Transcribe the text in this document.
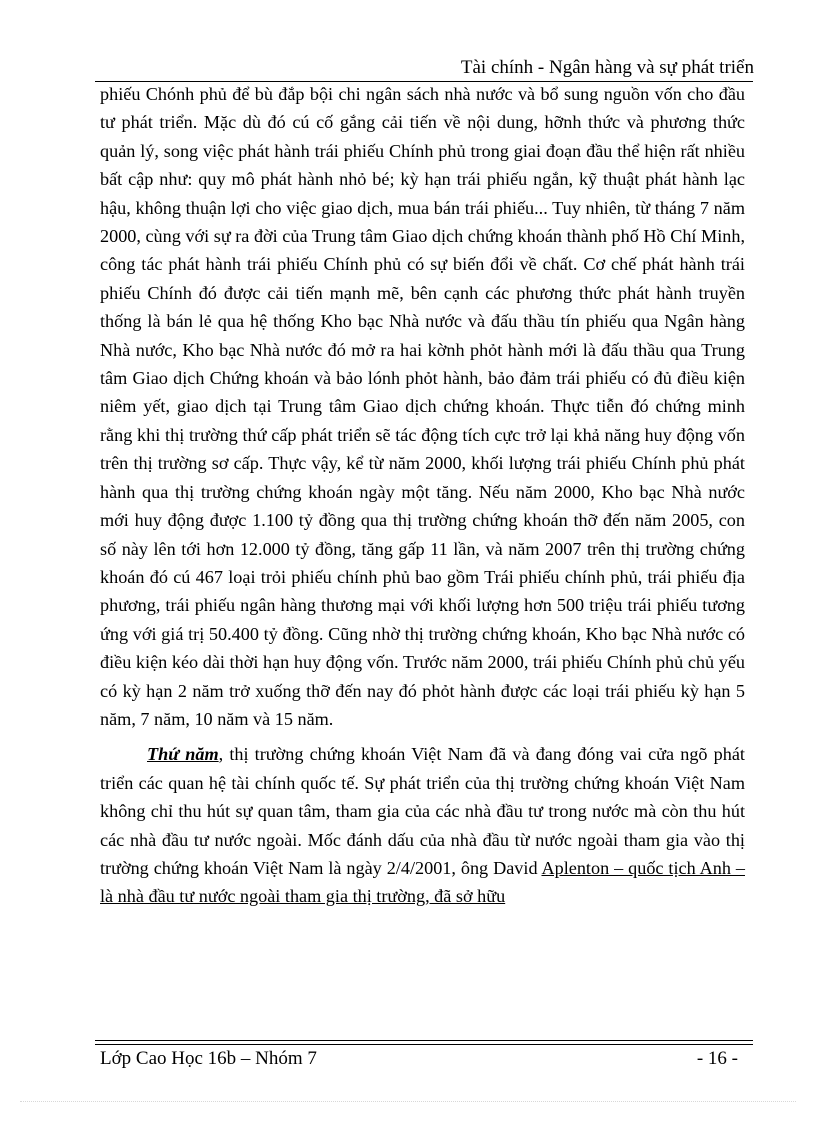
Tài chính - Ngân hàng và sự phát triển

phiếu Chónh phủ để bù đắp bội chi ngân sách nhà nước và bổ sung nguồn vốn cho đầu tư phát triển. Mặc dù đó cú cố gắng cải tiến về nội dung, hỡnh thức và phương thức quản lý, song việc phát hành trái phiếu Chính phủ trong giai đoạn đầu thể hiện rất nhiều bất cập như: quy mô phát hành nhỏ bé; kỳ hạn trái phiếu ngắn, kỹ thuật phát hành lạc hậu, không thuận lợi cho việc giao dịch, mua bán trái phiếu... Tuy nhiên, từ tháng 7 năm 2000, cùng với sự ra đời của Trung tâm Giao dịch chứng khoán thành phố Hồ Chí Minh, công tác phát hành trái phiếu Chính phủ có sự biến đổi về chất. Cơ chế phát hành trái phiếu Chính đó được cải tiến mạnh mẽ, bên cạnh các phương thức phát hành truyền thống là bán lẻ qua hệ thống Kho bạc Nhà nước và đấu thầu tín phiếu qua Ngân hàng Nhà nước, Kho bạc Nhà nước đó mở ra hai kờnh phỏt hành mới là đấu thầu qua Trung tâm Giao dịch Chứng khoán và bảo lónh phỏt hành, bảo đảm trái phiếu có đủ điều kiện niêm yết, giao dịch tại Trung tâm Giao dịch chứng khoán. Thực tiễn đó chứng minh rằng khi thị trường thứ cấp phát triển sẽ tác động tích cực trở lại khả năng huy động vốn trên thị trường sơ cấp. Thực vậy, kể từ năm 2000, khối lượng trái phiếu Chính phủ phát hành qua thị trường chứng khoán ngày một tăng. Nếu năm 2000, Kho bạc Nhà nước mới huy động được 1.100 tỷ đồng qua thị trường chứng khoán thỡ đến năm 2005, con số này lên tới hơn 12.000 tỷ đồng, tăng gấp 11 lần, và năm 2007 trên thị trường chứng khoán đó cú 467 loại trỏi phiếu chính phủ bao gồm Trái phiếu chính phủ, trái phiếu địa phương, trái phiếu ngân hàng thương mại với khối lượng hơn 500 triệu trái phiếu tương ứng với giá trị 50.400 tỷ đồng. Cũng nhờ thị trường chứng khoán, Kho bạc Nhà nước có điều kiện kéo dài thời hạn huy động vốn. Trước năm 2000, trái phiếu Chính phủ chủ yếu có kỳ hạn 2 năm trở xuống thỡ đến nay đó phỏt hành được các loại trái phiếu kỳ hạn 5 năm, 7 năm, 10 năm và 15 năm.

Thứ năm, thị trường chứng khoán Việt Nam đã và đang đóng vai cửa ngõ phát triển các quan hệ tài chính quốc tế. Sự phát triển của thị trường chứng khoán Việt Nam không chỉ thu hút sự quan tâm, tham gia của các nhà đầu tư trong nước mà còn thu hút các nhà đầu tư nước ngoài. Mốc đánh dấu của nhà đầu từ nước ngoài tham gia vào thị trường chứng khoán Việt Nam là ngày 2/4/2001, ông David Aplenton – quốc tịch Anh – là nhà đầu tư nước ngoài tham gia thị trường, đã sở hữu

Lớp Cao Học 16b – Nhóm 7	- 16 -
